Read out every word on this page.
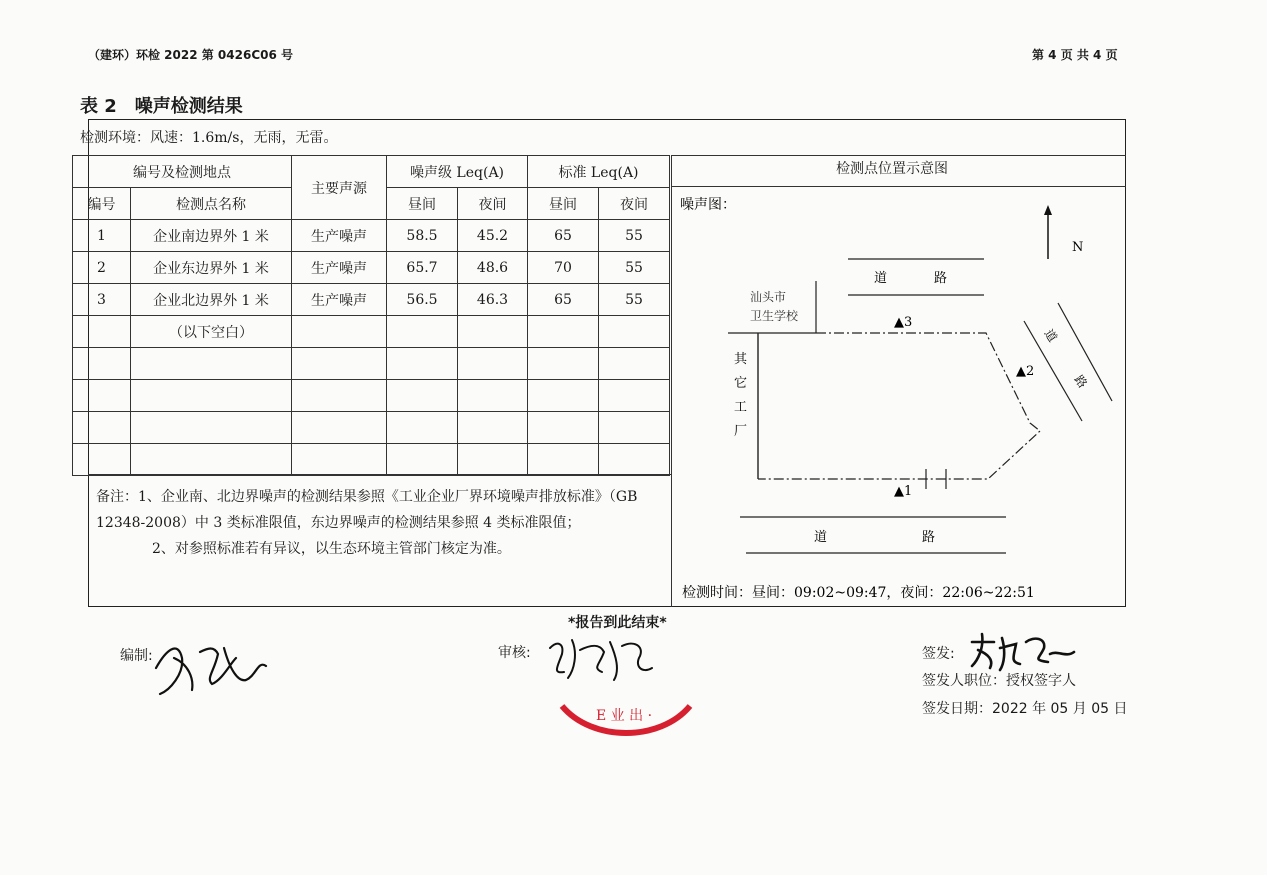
（建环）环检 2022 第 0426C06 号	第 4 页 共 4 页
表 2　噪声检测结果
检测环境：风速：1.6m/s，无雨，无雷。
编号及检测地点		主要声源	噪声级 Leq(A)		标准 Leq(A)	
编号	检测点名称		昼间	夜间	昼间	夜间
1	企业南边界外 1 米	生产噪声	58.5	45.2	65	55
2	企业东边界外 1 米	生产噪声	65.7	48.6	70	55
3	企业北边界外 1 米	生产噪声	56.5	46.3	65	55
	（以下空白）					

检测点位置示意图
噪声图：
N
道	路
汕头市
卫生学校
其
它
工
厂
道
路
▲3
▲2
▲1
道	路
检测时间：昼间：09:02~09:47，夜间：22:06~22:51
备注：1、企业南、北边界噪声的检测结果参照《工业企业厂界环境噪声排放标准》（GB 12348-2008）中 3 类标准限值，东边界噪声的检测结果参照 4 类标准限值；
2、对参照标准若有异议，以生态环境主管部门核定为准。
*报告到此结束*
编制:	审核:
E 业 出 ·
签发:
签发人职位：授权签字人
签发日期：2022 年 05 月 05 日
